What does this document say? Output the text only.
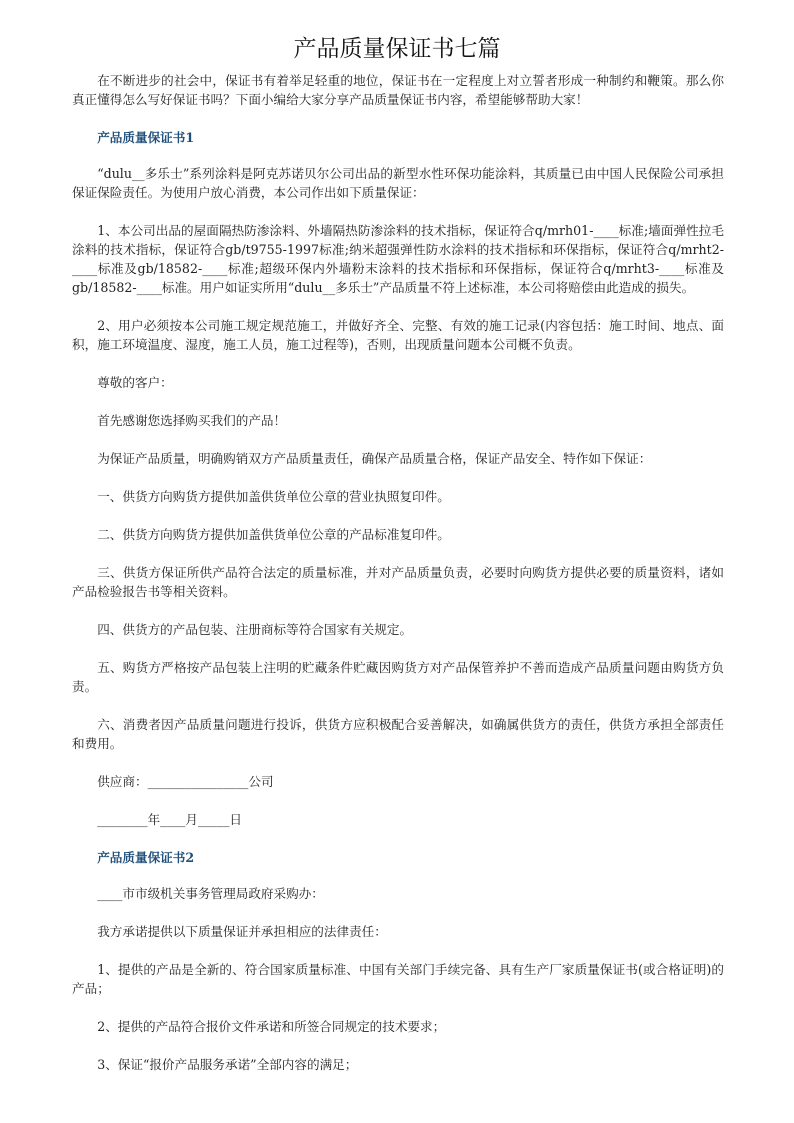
产品质量保证书七篇

在不断进步的社会中，保证书有着举足轻重的地位，保证书在一定程度上对立誓者形成一种制约和鞭策。那么你真正懂得怎么写好保证书吗？下面小编给大家分享产品质量保证书内容，希望能够帮助大家！

产品质量保证书1

“dulu__多乐士”系列涂料是阿克苏诺贝尔公司出品的新型水性环保功能涂料，其质量已由中国人民保险公司承担保证保险责任。为使用户放心消费，本公司作出如下质量保证：

1、本公司出品的屋面隔热防渗涂料、外墙隔热防渗涂料的技术指标，保证符合q/mrh01-____标准;墙面弹性拉毛涂料的技术指标，保证符合gb/t9755-1997标准;纳米超强弹性防水涂料的技术指标和环保指标，保证符合q/mrht2-____标准及gb/18582-____标准;超级环保内外墙粉末涂料的技术指标和环保指标，保证符合q/mrht3-____标准及gb/18582-____标准。用户如证实所用“dulu__多乐士”产品质量不符上述标准，本公司将赔偿由此造成的损失。

2、用户必须按本公司施工规定规范施工，并做好齐全、完整、有效的施工记录(内容包括：施工时间、地点、面积，施工环境温度、湿度，施工人员，施工过程等)，否则，出现质量问题本公司概不负责。

尊敬的客户：

首先感谢您选择购买我们的产品！

为保证产品质量，明确购销双方产品质量责任，确保产品质量合格，保证产品安全、特作如下保证：

一、供货方向购货方提供加盖供货单位公章的营业执照复印件。

二、供货方向购货方提供加盖供货单位公章的产品标准复印件。

三、供货方保证所供产品符合法定的质量标准，并对产品质量负责，必要时向购货方提供必要的质量资料，诸如产品检验报告书等相关资料。

四、供货方的产品包装、注册商标等符合国家有关规定。

五、购货方严格按产品包装上注明的贮藏条件贮藏因购货方对产品保管养护不善而造成产品质量问题由购货方负责。

六、消费者因产品质量问题进行投诉，供货方应积极配合妥善解决，如确属供货方的责任，供货方承担全部责任和费用。

供应商：________________公司

________年____月_____日

产品质量保证书2

____市市级机关事务管理局政府采购办：

我方承诺提供以下质量保证并承担相应的法律责任：

1、提供的产品是全新的、符合国家质量标准、中国有关部门手续完备、具有生产厂家质量保证书(或合格证明)的产品；

2、提供的产品符合报价文件承诺和所签合同规定的技术要求；

3、保证“报价产品服务承诺”全部内容的满足；
